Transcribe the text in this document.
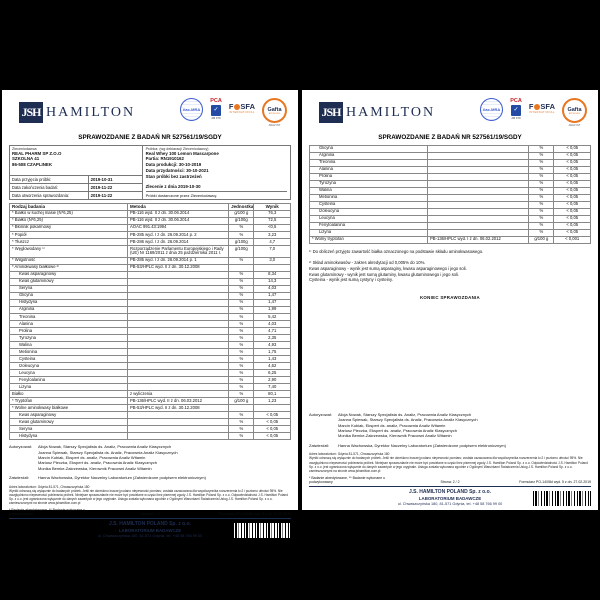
JSH HAMILTON	ilac-MRA
PCA
✓
AB 079
F SFA
INTERNATIONAL Gafta
APPROVED
ANALYST
SPRAWOZDANIE Z BADAŃ NR 527561/19/SGDY
Zleceniodawca
REAL PHARM SP Z.O.O
SZKOLNA 41
86-508 CZAPLINEK
Data przyjęcia próbki:	2019-10-31
Data zakończenia badań:	2019-11-22
Data utworzenia sprawozdania:	2019-11-22
Próbka: (wg deklaracji Zleceniodawcy)
Real Whey 100 Lemon Mascarpone
Partia: RN1910162
Data produkcji: 30-10-2019
Data przydatności: 30-10-2021
Stan próbki bez zastrzeżeń
Zlecenie z dnia 2019-10-30
Próbki dostarczone przez Zleceniodawcę
Rodzaj badania	Metoda	Jednostka	Wynik
* Białko w suchej masie (N*6,25)	PB-116 wyd. II z dn. 30.06.2014	g/100 g	76,3
* Białko (N*6,25)	PB-116 wyd. II z dn. 30.06.2014	g/100g	72,5
* Błonnik pokarmowy	AOAC 991.43:1994	%	<0,5
* Popiół	PB-285 wyd. I z dn. 26.09.2014 p. 2	%	3,23
* Tłuszcz	PB-286 wyd. I z dn. 26.09.2014	g/100g	4,7
* Węglowodany ¹⁾	Rozporządzenie Parlamentu Europejskiego i Rady (UE) Nr 1169/2011 z dnia 25 października 2011 r.	g/100g	7,0
* Wilgotność	PB-285 wyd. I z dn. 26.09.2014 p. 1	%	3,0
* Aminokwasy białkowe ²⁾	PB-53/HPLC wyd. II z dn. 30.12.2008		
Kwas asparaginowy		%	8,34
Kwas glutaminowy		%	14,3
Seryna		%	4,03
Glicyna		%	1,47
Histydyna		%	1,47
Arginina		%	1,99
Treonina		%	5,42
Alanina		%	4,03
Prolina		%	4,71
Tyrozyna		%	2,35
Walina		%	4,93
Metionina		%	1,75
Cysteina		%	1,43
Izoleucyna		%	4,62
Leucyna		%	6,25
Fenyloalanina		%	2,90
Lizyna		%	7,40
Białko	z wyliczenia	%	80,1
* Tryptofan	PB-136/HPLC wyd. II z dn. 06.03.2012	g/100 g	1,23
* Wolne aminokwasy białkowe	PB-53/HPLC wyd. II z dn. 30.12.2008		
Kwas asparaginowy		%	< 0,05
Kwas glutaminowy		%	< 0,05
Seryna		%	< 0,05
Histydyna		%	< 0,05
Autoryzował:	Alicja Nowak, Starszy Specjalista ds. Analiz, Pracownia Analiz Klasycznych
Joanna Śpiewak, Starszy Specjalista ds. Analiz, Pracownia Analiz Klasycznych
Marcin Kubiak, Ekspert ds. analiz, Pracownia Analiz Witamin
Mariusz Pieczka, Ekspert ds. analiz, Pracownia Analiz Klasycznych
Monika Bemke-Zakrzewska, Kierownik Pracowni Analiz Witamin
Zatwierdził:	Hanna Wachowska, Dyrektor Naczelny Laboratorium (Zatwierdzone podpisem elektronicznym)
Adres laboratorium: Gdynia 81-571, Chwaszczyńska 180
Wyniki odnoszą się wyłącznie do badanych próbek. Jeśli nie określono inaczej podano niepewność pomiaru; została oszacowana dla współczynnika rozszerzenia k=2 i poziomu ufności 95%. Nie uwzględniono niepewności pobierania próbek. Niniejsze sprawozdanie nie może być powielane w części bez pisemnej zgody J.S. Hamilton Poland Sp. z o.o. Odpowiedzialność J.S. Hamilton Poland Sp. z o.o. jest ograniczona wyłącznie do danych zawartych w jego oryginale. Usługa została wykonana zgodnie z Ogólnymi Warunkami Świadczenia Usług J.S. Hamilton Poland Sp. z o.o. zamieszczonymi na stronie www.jshamilton.com.pl
* Badanie akredytowane, ** Badanie wykonane u podwykonawcy	Strona: 1 / 2	Formularz PO-14/08d wyd. 5 z dn. 27.02.2019
J.S. HAMILTON POLAND Sp. z o.o.
LABORATORIUM BADAWCZE
ul. Chwaszczyńska 180, 81-571 Gdynia, tel. +48 58 766 99 00
JSH HAMILTON	ilac-MRA
PCA
✓
AB 079
F SFA
INTERNATIONAL Gafta
APPROVED
ANALYST
SPRAWOZDANIE Z BADAŃ NR 527561/19/SGDY
Glicyna		%	< 0,05
Arginina		%	< 0,05
Treonina		%	< 0,05
Alanina		%	< 0,05
Prolina		%	< 0,05
Tyrozyna		%	< 0,05
Walina		%	< 0,05
Metionina		%	< 0,05
Cysteina		%	< 0,05
Izoleucyna		%	< 0,05
Leucyna		%	< 0,05
Fenyloalanina		%	< 0,05
Lizyna		%	< 0,05
* Wolny tryptofan	PB-136/HPLC wyd. I z dn. 06.02.2012	g/100 g	< 0,001
¹⁾ Do obliczeń przyjęto zawartość białka oznaczonego na podstawie składu aminokwasowego.
²⁾ Skład aminokwasów - zakres akredytacji od 0,005% do 10%.
Kwas asparaginowy - wynik jest sumą asparaginy, kwasu asparaginowego i jego soli.
Kwas glutaminowy - wynik jest sumą glutaminy, kwasu glutaminowego i jego soli.
Cysteina - wynik jest sumą cystyny i cysteiny.
KONIEC SPRAWOZDANIA
Autoryzował:	Alicja Nowak, Starszy Specjalista ds. Analiz, Pracownia Analiz Klasycznych
Joanna Śpiewak, Starszy Specjalista ds. Analiz, Pracownia Analiz Klasycznych
Marcin Kubiak, Ekspert ds. analiz, Pracownia Analiz Witamin
Mariusz Pieczka, Ekspert ds. analiz, Pracownia Analiz Klasycznych
Monika Bemke-Zakrzewska, Kierownik Pracowni Analiz Witamin
Zatwierdził:	Hanna Wachowska, Dyrektor Naczelny Laboratorium (Zatwierdzone podpisem elektronicznym)
Adres laboratorium: Gdynia 81-571, Chwaszczyńska 180
Wyniki odnoszą się wyłącznie do badanych próbek. Jeśli nie określono inaczej podano niepewność pomiaru; została oszacowana dla współczynnika rozszerzenia k=2 i poziomu ufności 95%. Nie uwzględniono niepewności pobierania próbek. Niniejsze sprawozdanie nie może być powielane w części bez pisemnej zgody J.S. Hamilton Poland Sp. z o.o. Odpowiedzialność J.S. Hamilton Poland Sp. z o.o. jest ograniczona wyłącznie do danych zawartych w jego oryginale. Usługa została wykonana zgodnie z Ogólnymi Warunkami Świadczenia Usług J.S. Hamilton Poland Sp. z o.o. zamieszczonymi na stronie www.jshamilton.com.pl
* Badanie akredytowane, ** Badanie wykonane u podwykonawcy	Strona: 2 / 2	Formularz PO-14/08d wyd. 5 z dn. 27.02.2019
J.S. HAMILTON POLAND Sp. z o.o.
LABORATORIUM BADAWCZE
ul. Chwaszczyńska 180, 81-571 Gdynia, tel. +48 58 766 99 00
